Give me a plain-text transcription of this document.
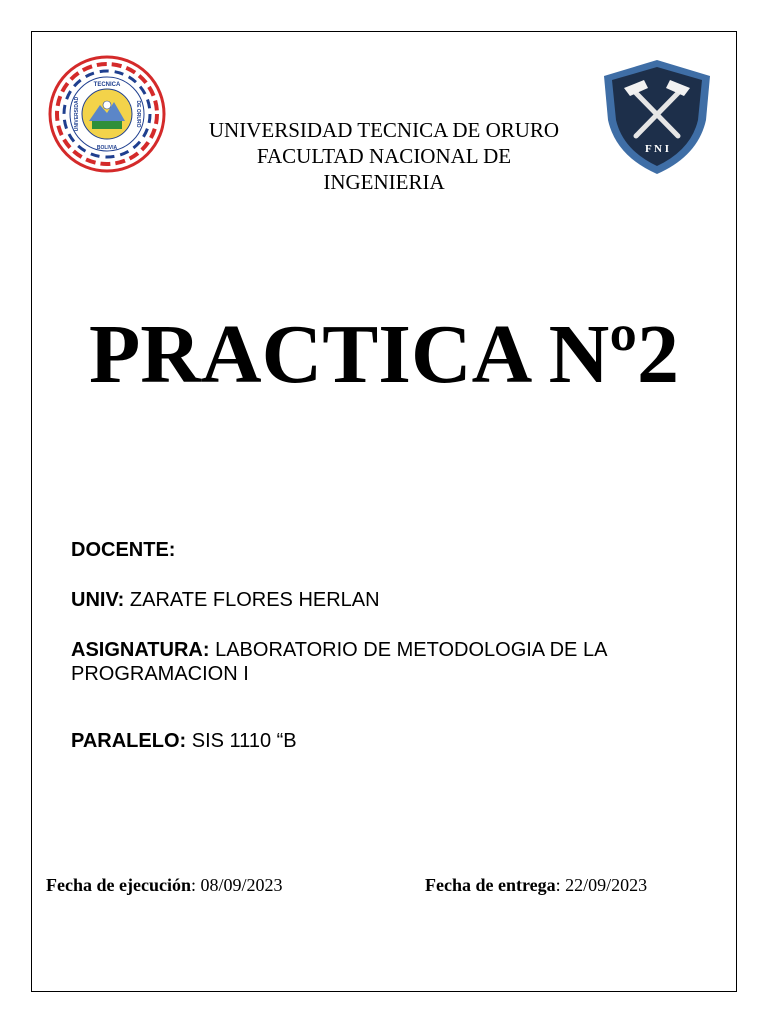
TECNICA
BOLIVIA
UNIVERSIDAD	DE ORURO
F N I
UNIVERSIDAD TECNICA DE ORURO
FACULTAD NACIONAL DE
INGENIERIA
PRACTICA Nº2
DOCENTE:
UNIV: ZARATE FLORES HERLAN
ASIGNATURA: LABORATORIO DE METODOLOGIA DE LA PROGRAMACION I
PARALELO: SIS 1110 “B
Fecha de ejecución: 08/09/2023	Fecha de entrega: 22/09/2023
